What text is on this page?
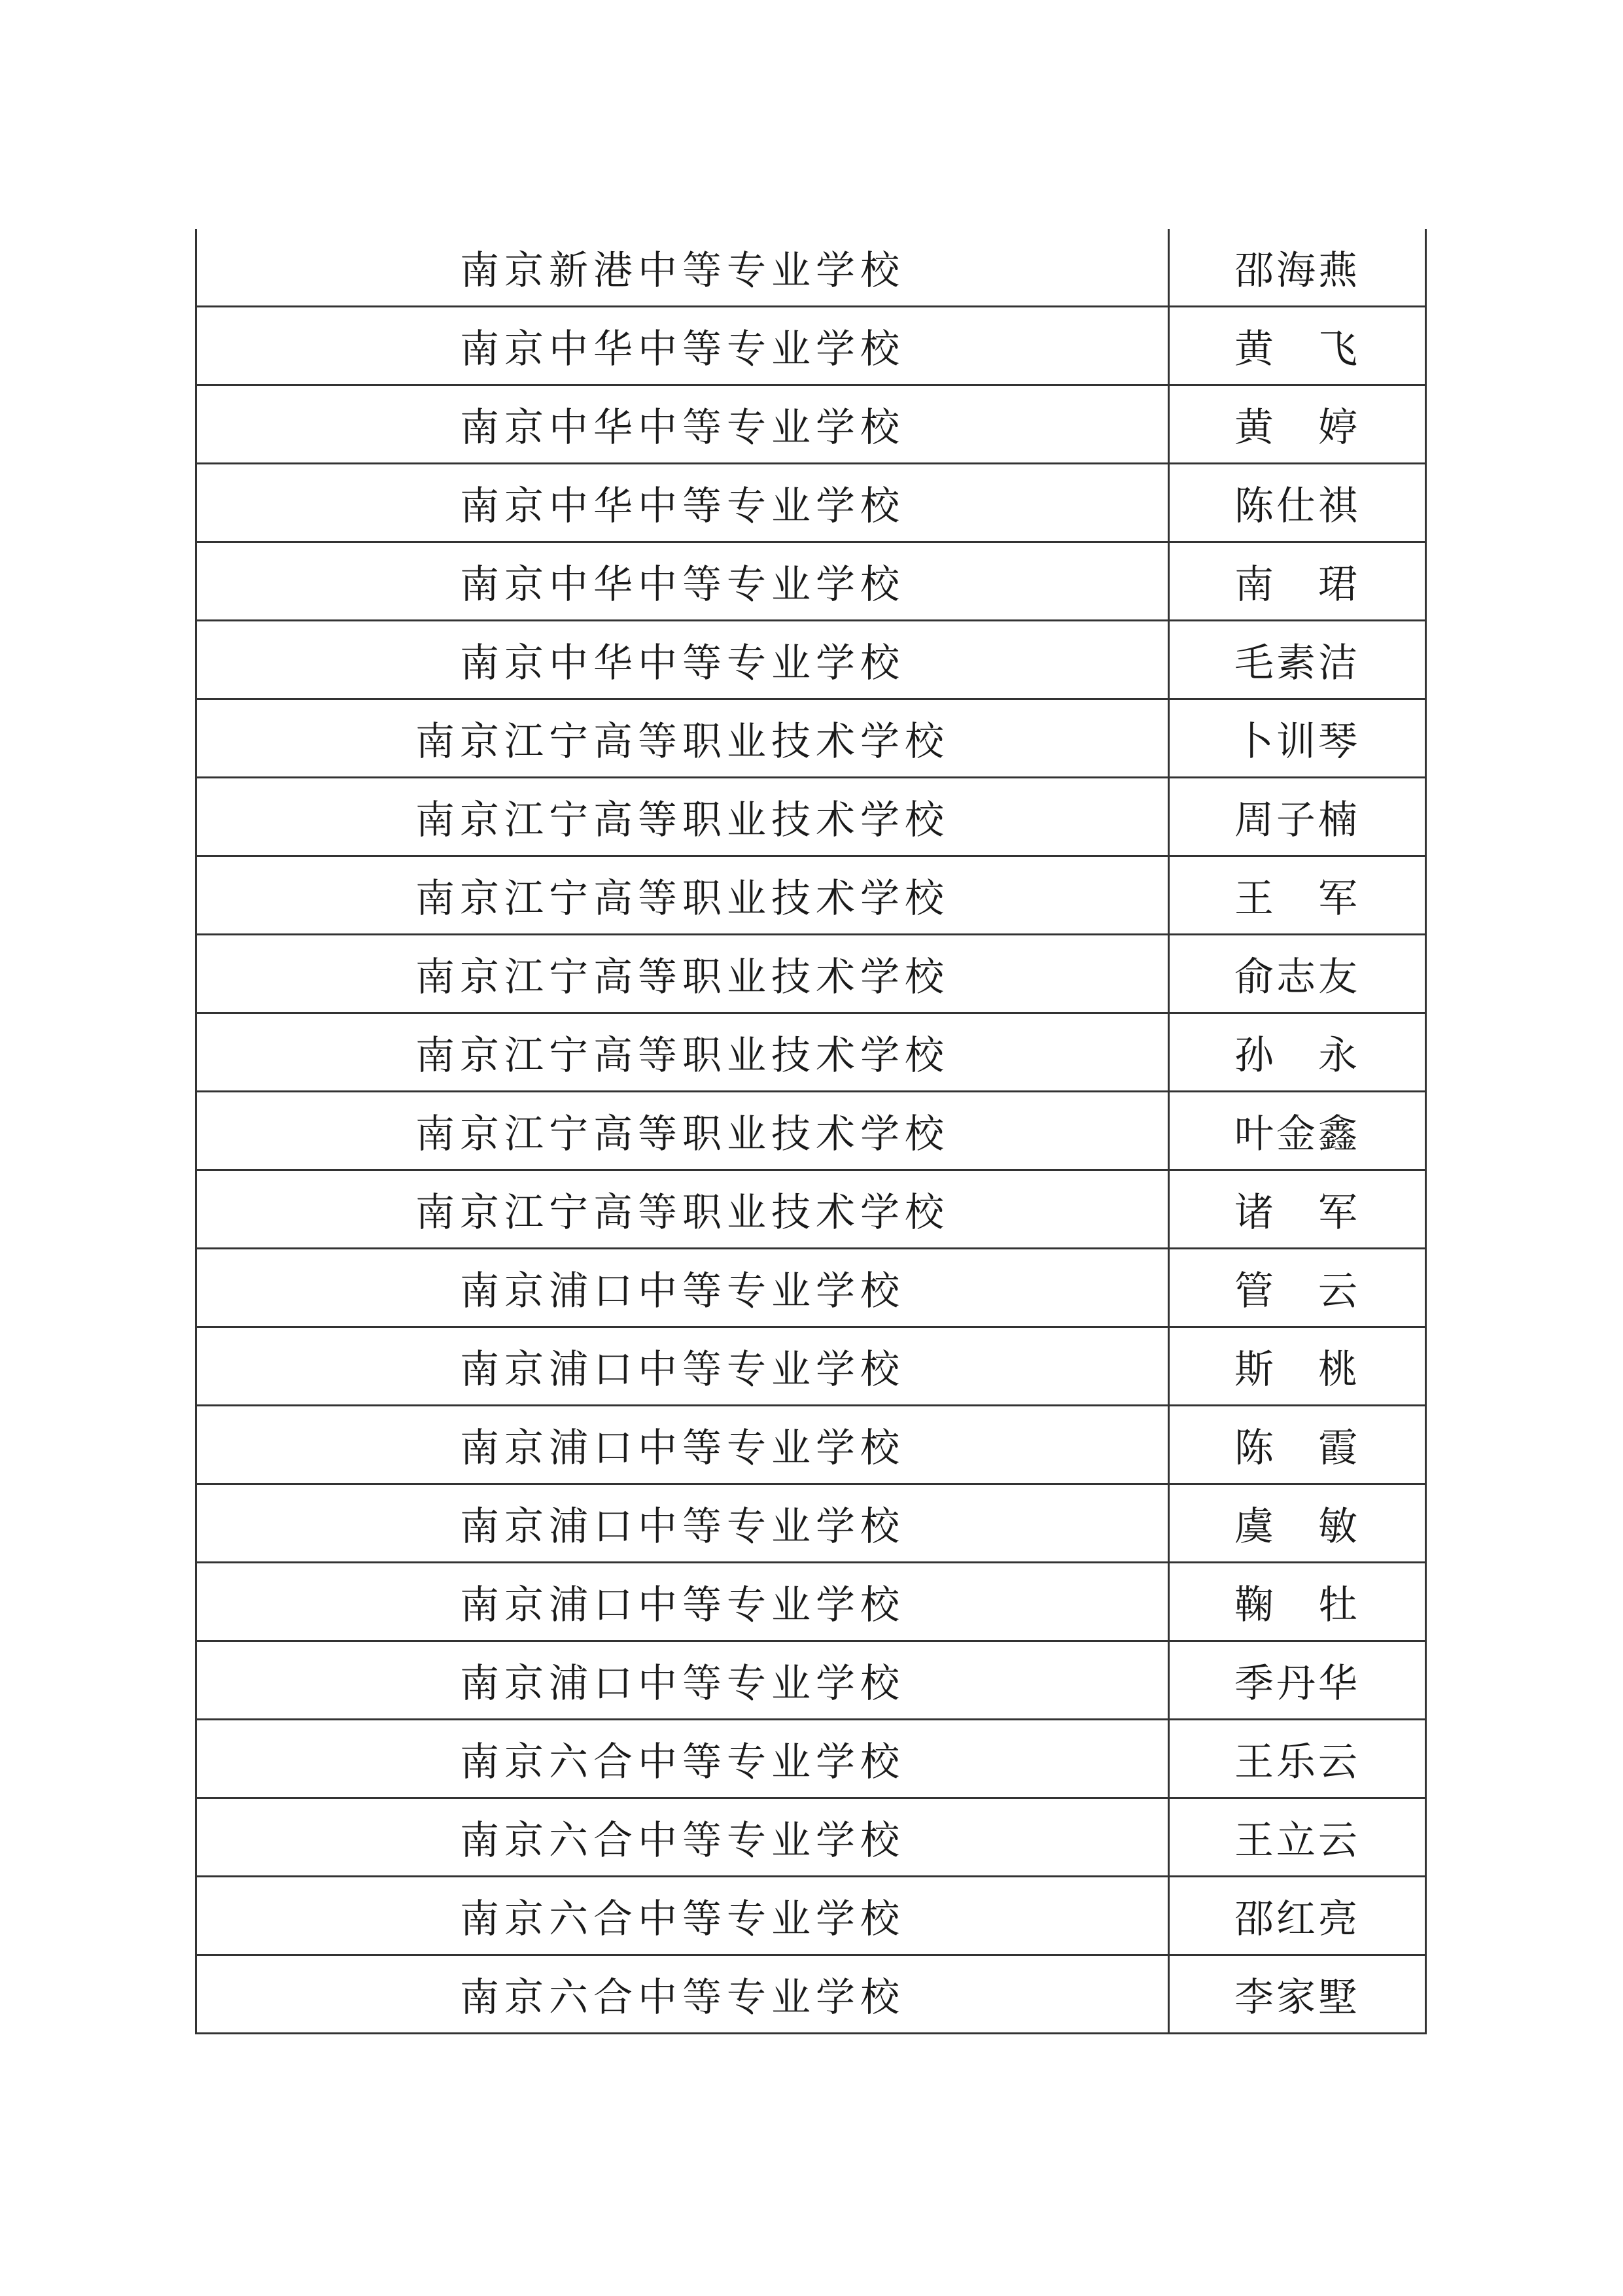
南京新港中等专业学校	邵海燕
南京中华中等专业学校	黄　飞
南京中华中等专业学校	黄　婷
南京中华中等专业学校	陈仕祺
南京中华中等专业学校	南　珺
南京中华中等专业学校	毛素洁
南京江宁高等职业技术学校	卜训琴
南京江宁高等职业技术学校	周子楠
南京江宁高等职业技术学校	王　军
南京江宁高等职业技术学校	俞志友
南京江宁高等职业技术学校	孙　永
南京江宁高等职业技术学校	叶金鑫
南京江宁高等职业技术学校	诸　军
南京浦口中等专业学校	管　云
南京浦口中等专业学校	斯　桃
南京浦口中等专业学校	陈　霞
南京浦口中等专业学校	虞　敏
南京浦口中等专业学校	鞠　牡
南京浦口中等专业学校	季丹华
南京六合中等专业学校	王乐云
南京六合中等专业学校	王立云
南京六合中等专业学校	邵红亮
南京六合中等专业学校	李家墅
